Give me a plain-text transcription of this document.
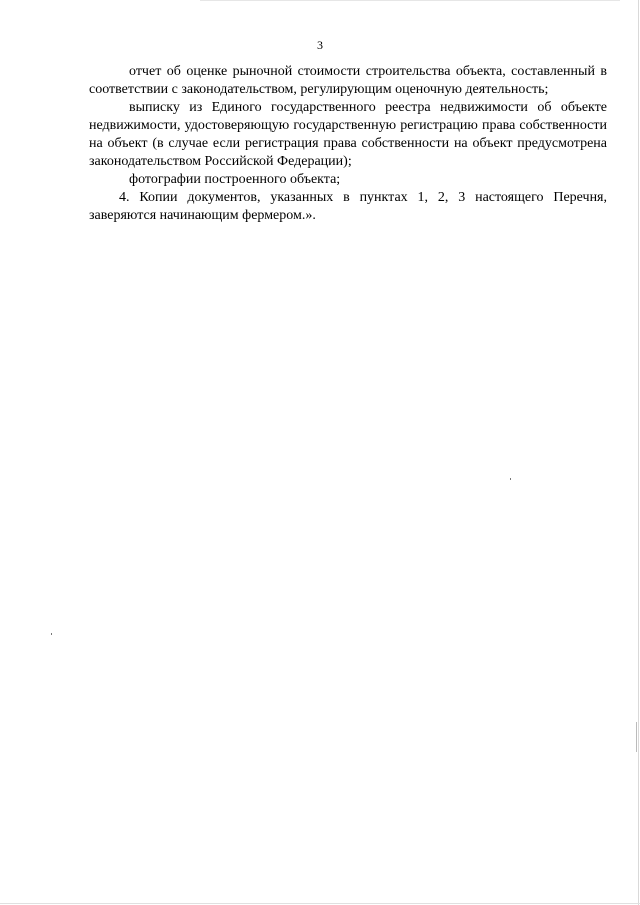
3

отчет об оценке рыночной стоимости строительства объекта, составленный в соответствии с законодательством, регулирующим оценочную деятельность;

выписку из Единого государственного реестра недвижимости об объекте недвижимости, удостоверяющую государственную регистрацию права собственности на объект (в случае если регистрация права собственности на объект предусмотрена законодательством Российской Федерации);

фотографии построенного объекта;

4. Копии документов, указанных в пунктах 1, 2, 3 настоящего Перечня, заверяются начинающим фермером.».
